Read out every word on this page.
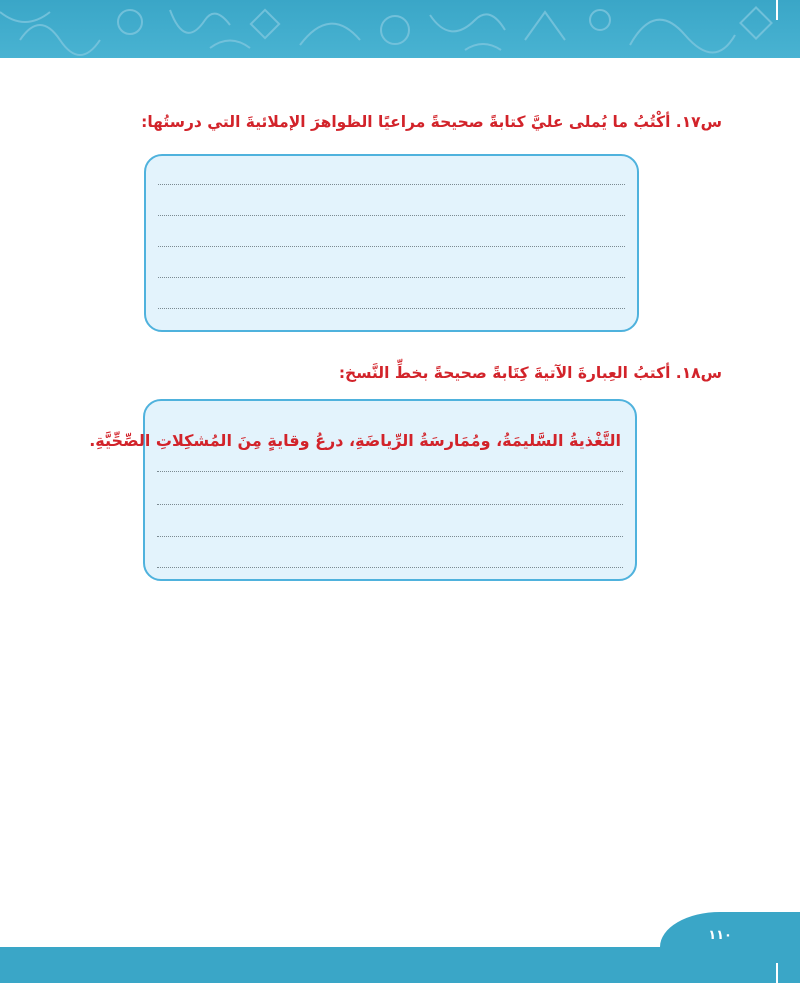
س١٧. أكْتُبُ ما يُملى عليَّ كتابةً صحيحةً مراعيًا الظواهرَ الإملائيةَ التي درستُها:
س١٨. أكتبُ العِبارةَ الآتيةَ كِتَابةً صحيحةً بخطِّ النَّسخ:
التَّغْذيةُ السَّليمَةُ، ومُمَارسَةُ الرِّياضَةِ، درعُ وقايةٍ مِنَ المُشكِلاتِ الصِّحِّيَّةِ.
١١٠
